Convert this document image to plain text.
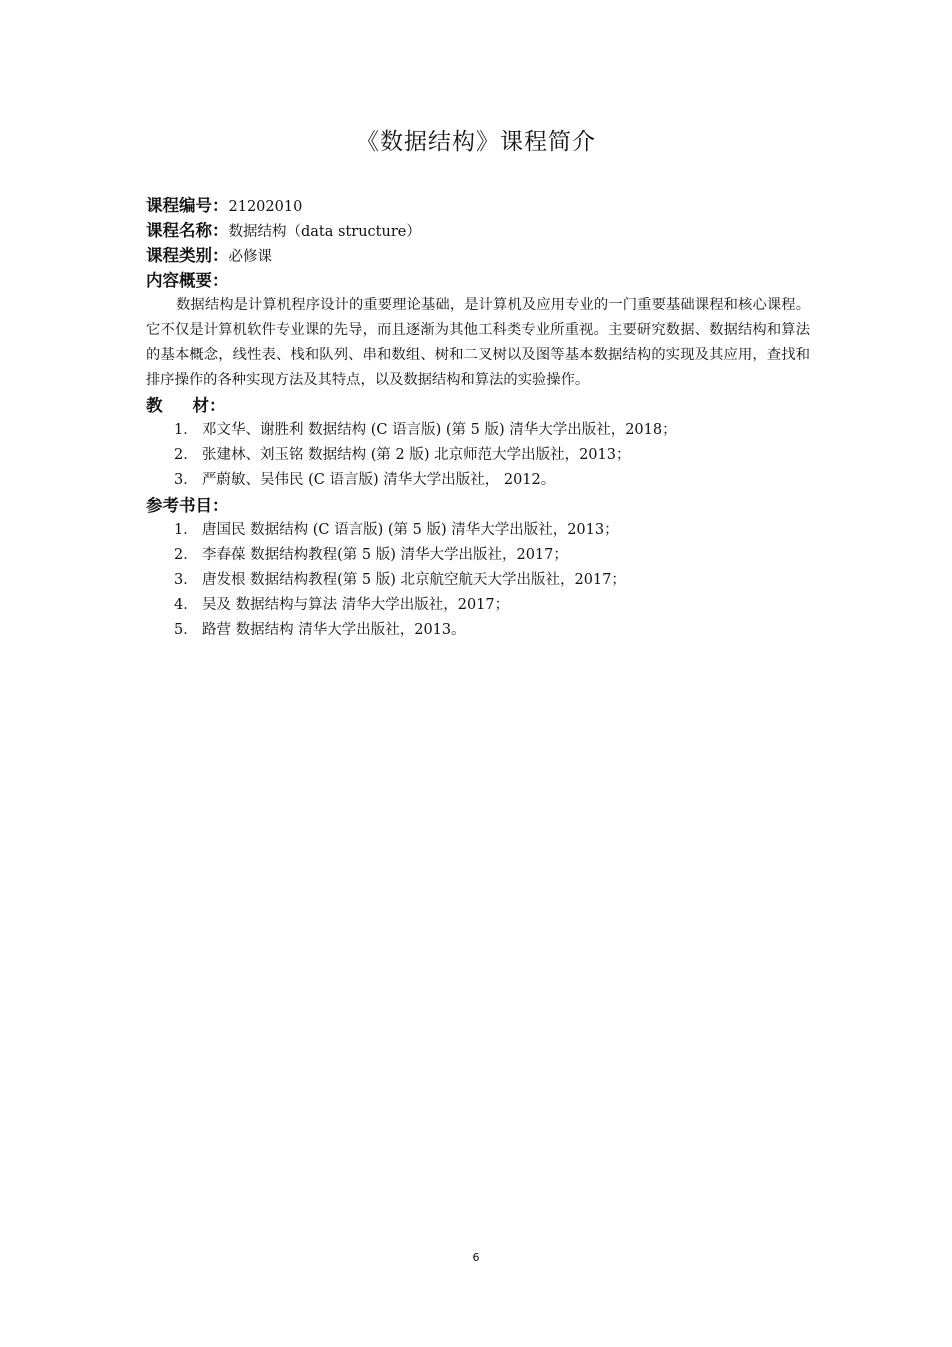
《数据结构》课程简介
课程编号：21202010
课程名称：数据结构（data structure）
课程类别：必修课
内容概要：

数据结构是计算机程序设计的重要理论基础，是计算机及应用专业的一门重要基础课程和核心课程。它不仅是计算机软件专业课的先导，而且逐渐为其他工科类专业所重视。主要研究数据、数据结构和算法的基本概念，线性表、栈和队列、串和数组、树和二叉树以及图等基本数据结构的实现及其应用，查找和排序操作的各种实现方法及其特点，以及数据结构和算法的实验操作。

教 材：
1． 邓文华、谢胜利 数据结构 (C 语言版) (第 5 版) 清华大学出版社，2018；
2． 张建林、刘玉铭 数据结构 (第 2 版) 北京师范大学出版社，2013；
3． 严蔚敏、吴伟民 (C 语言版) 清华大学出版社， 2012。
参考书目：
1． 唐国民 数据结构 (C 语言版) (第 5 版) 清华大学出版社，2013；
2． 李春葆 数据结构教程(第 5 版) 清华大学出版社，2017；
3． 唐发根 数据结构教程(第 5 版) 北京航空航天大学出版社，2017；
4． 吴及 数据结构与算法 清华大学出版社，2017；
5． 路营 数据结构 清华大学出版社，2013。
6
